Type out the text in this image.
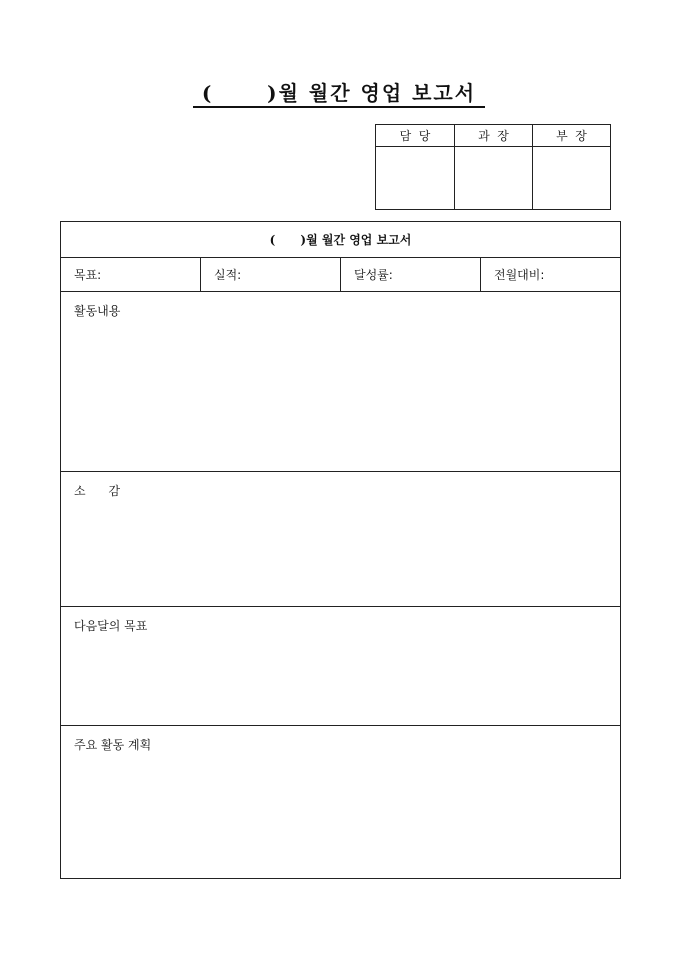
(      )월 월간 영업 보고서
담  당	과  장	부  장

(      )월 월간 영업 보고서
목표:	실적:	달성률:	전월대비:
활동내용
소      감
다음달의 목표
주요 활동 계획
